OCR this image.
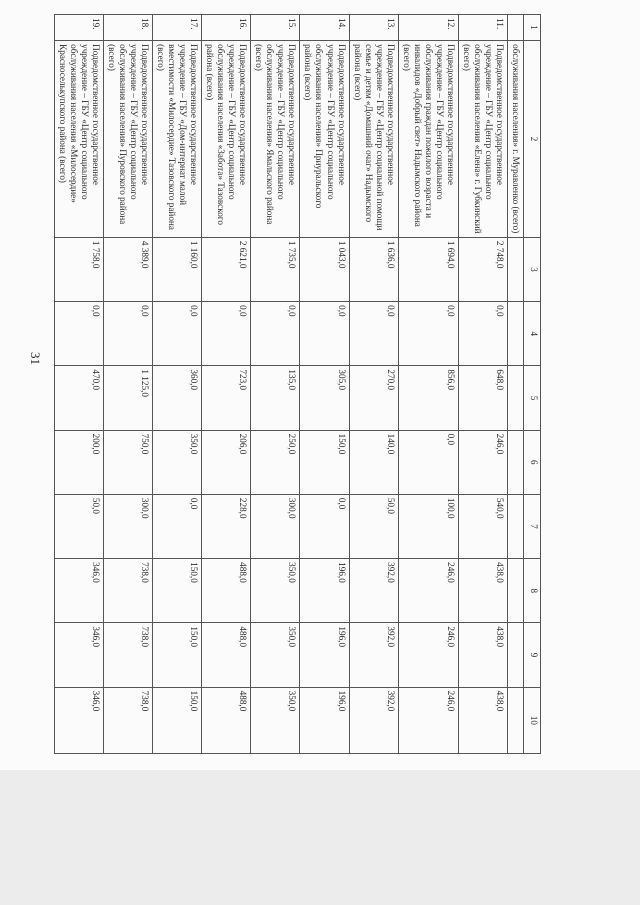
31
1	2	3	4	5	6	7	8	9	10
	обслуживания населения» г. Муравленко (всего)								
11.	Подведомственное государственное учреждение – ГБУ «Центр социального обслуживания населения «Елена» г. Губкинский (всего)	2 748,0	0,0	648,0	246,0	540,0	438,0	438,0	438,0
12.	Подведомственное государственное учреждение – ГБУ «Центр социального обслуживания граждан пожилого возраста и инвалидов «Добрый свет» Надымского района (всего)	1 694,0	0,0	856,0	0,0	100,0	246,0	246,0	246,0
13.	Подведомственное государственное учреждение – ГБУ «Центр социальной помощи семье и детям «Домашний очаг» Надымского района (всего)	1 636,0	0,0	270,0	140,0	50,0	392,0	392,0	392,0
14.	Подведомственное государственное учреждение – ГБУ «Центр социального обслуживания населения» Приуральского района (всего)	1 043,0	0,0	305,0	150,0	0,0	196,0	196,0	196,0
15.	Подведомственное государственное учреждение – ГБУ «Центр социального обслуживания населения» Ямальского района (всего)	1 735,0	0,0	135,0	250,0	300,0	350,0	350,0	350,0
16.	Подведомственное государственное учреждение – ГБУ «Центр социального обслуживания населения «Забота» Тазовского района (всего)	2 621,0	0,0	723,0	206,0	228,0	488,0	488,0	488,0
17.	Подведомственное государственное учреждение – ГБУ «Дом-интернат малой вместимости «Милосердие» Тазовского района (всего)	1 160,0	0,0	360,0	350,0	0,0	150,0	150,0	150,0
18.	Подведомственное государственное учреждение – ГБУ «Центр социального обслуживания населения» Пуровского района (всего)	4 389,0	0,0	1 125,0	750,0	300,0	738,0	738,0	738,0
19.	Подведомственное государственное учреждение – ГБУ «Центр социального обслуживания населения «Милосердие» Красноселькупского района (всего)	1 758,0	0,0	470,0	200,0	50,0	346,0	346,0	346,0
